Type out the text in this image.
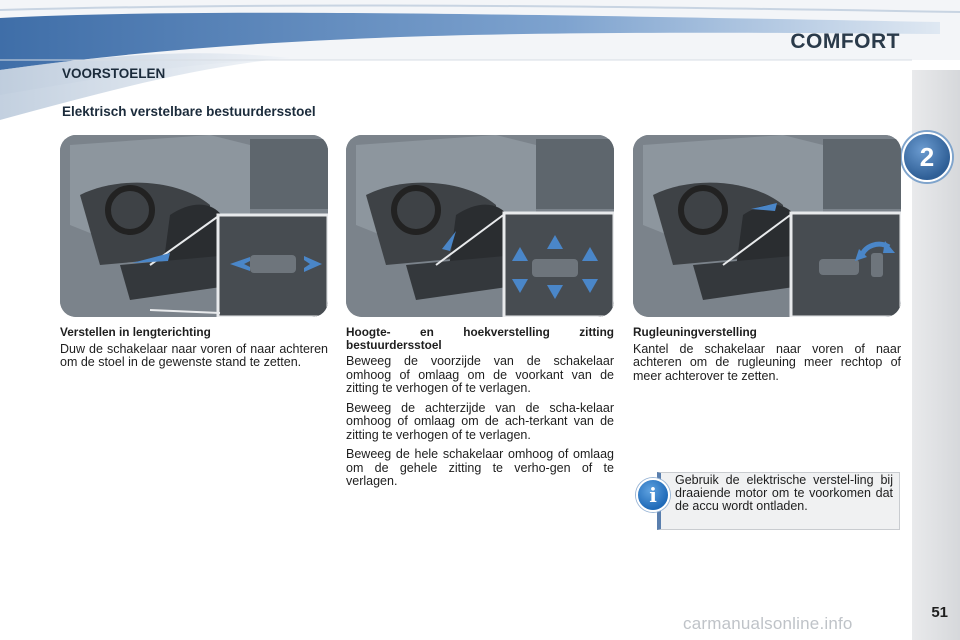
COMFORT
2
51
VOORSTOELEN
Elektrisch verstelbare bestuurdersstoel
Verstellen in lengterichting

Duw de schakelaar naar voren of naar achteren om de stoel in de gewenste stand te zetten.

Hoogte- en hoekverstelling zitting bestuurdersstoel

Beweeg de voorzijde van de schakelaar omhoog of omlaag om de voorkant van de zitting te verhogen of te verlagen.

Beweeg de achterzijde van de scha-kelaar omhoog of omlaag om de ach-terkant van de zitting te verhogen of te verlagen.

Beweeg de hele schakelaar omhoog of omlaag om de gehele zitting te verho-gen of te verlagen.

Rugleuningverstelling

Kantel de schakelaar naar voren of naar achteren om de rugleuning meer rechtop of meer achterover te zetten.

i
Gebruik de elektrische verstel-ling bij draaiende motor om te voorkomen dat de accu wordt ontladen.
carmanualsonline.info
